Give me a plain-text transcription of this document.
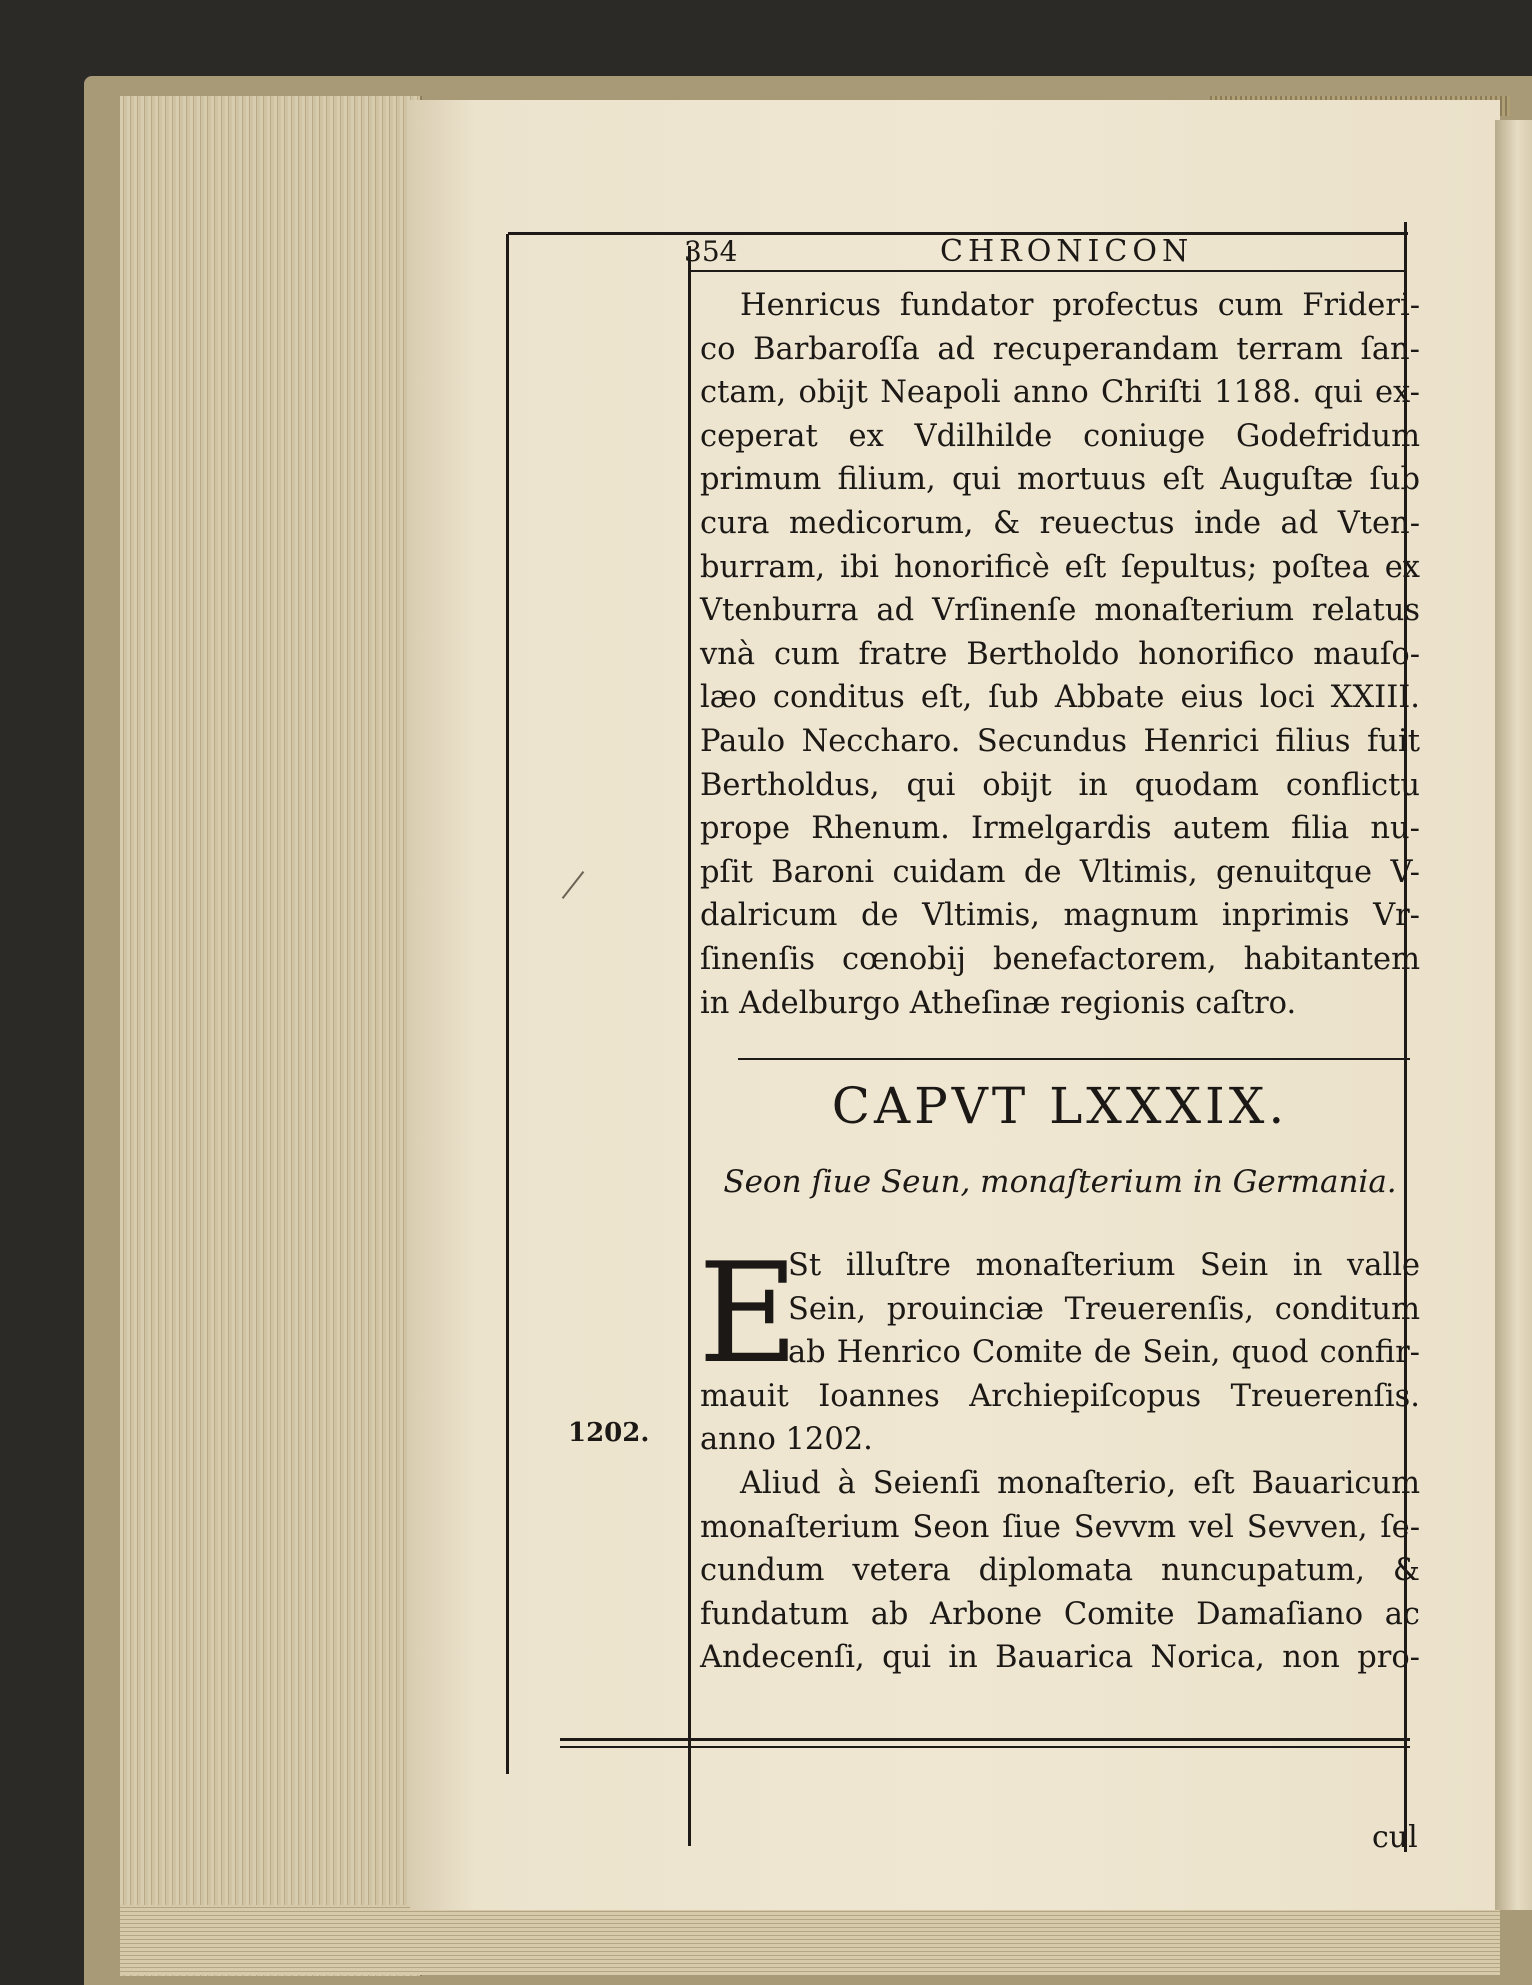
354	CHRONICON
Henricus fundator profectus cum Frideri-
co Barbaroſſa ad recuperandam terram ſan-
ctam, obijt Neapoli anno Chriſti 1188. qui ex-
ceperat ex Vdilhilde coniuge Godefridum
primum filium, qui mortuus eſt Auguſtæ ſub
cura medicorum, & reuectus inde ad Vten-
burram, ibi honorificè eſt ſepultus; poſtea ex
Vtenburra ad Vrſinenſe monaſterium relatus
vnà cum fratre Bertholdo honorifico mauſo-
læo conditus eſt, ſub Abbate eius loci XXIII.
Paulo Neccharo. Secundus Henrici filius fuit
Bertholdus, qui obijt in quodam conflictu
prope Rhenum. Irmelgardis autem filia nu-
pſit Baroni cuidam de Vltimis, genuitque V-
dalricum de Vltimis, magnum inprimis Vr-
ſinenſis cœnobij benefactorem, habitantem
in Adelburgo Atheſinæ regionis caſtro.
CAPVT LXXXIX.
Seon ſiue Seun, monaſterium in Germania.
E
St illuſtre monaſterium Sein in valle
Sein, prouinciæ Treuerenſis, conditum
ab Henrico Comite de Sein, quod confir-
mauit Ioannes Archiepiſcopus Treuerenſis.
anno 1202.
Aliud à Seienſi monaſterio, eſt Bauaricum
monaſterium Seon ſiue Sevvm vel Sevven, ſe-
cundum vetera diplomata nuncupatum, &
fundatum ab Arbone Comite Damaſiano ac
Andecenſi, qui in Bauarica Norica, non pro-
1202.
cul
